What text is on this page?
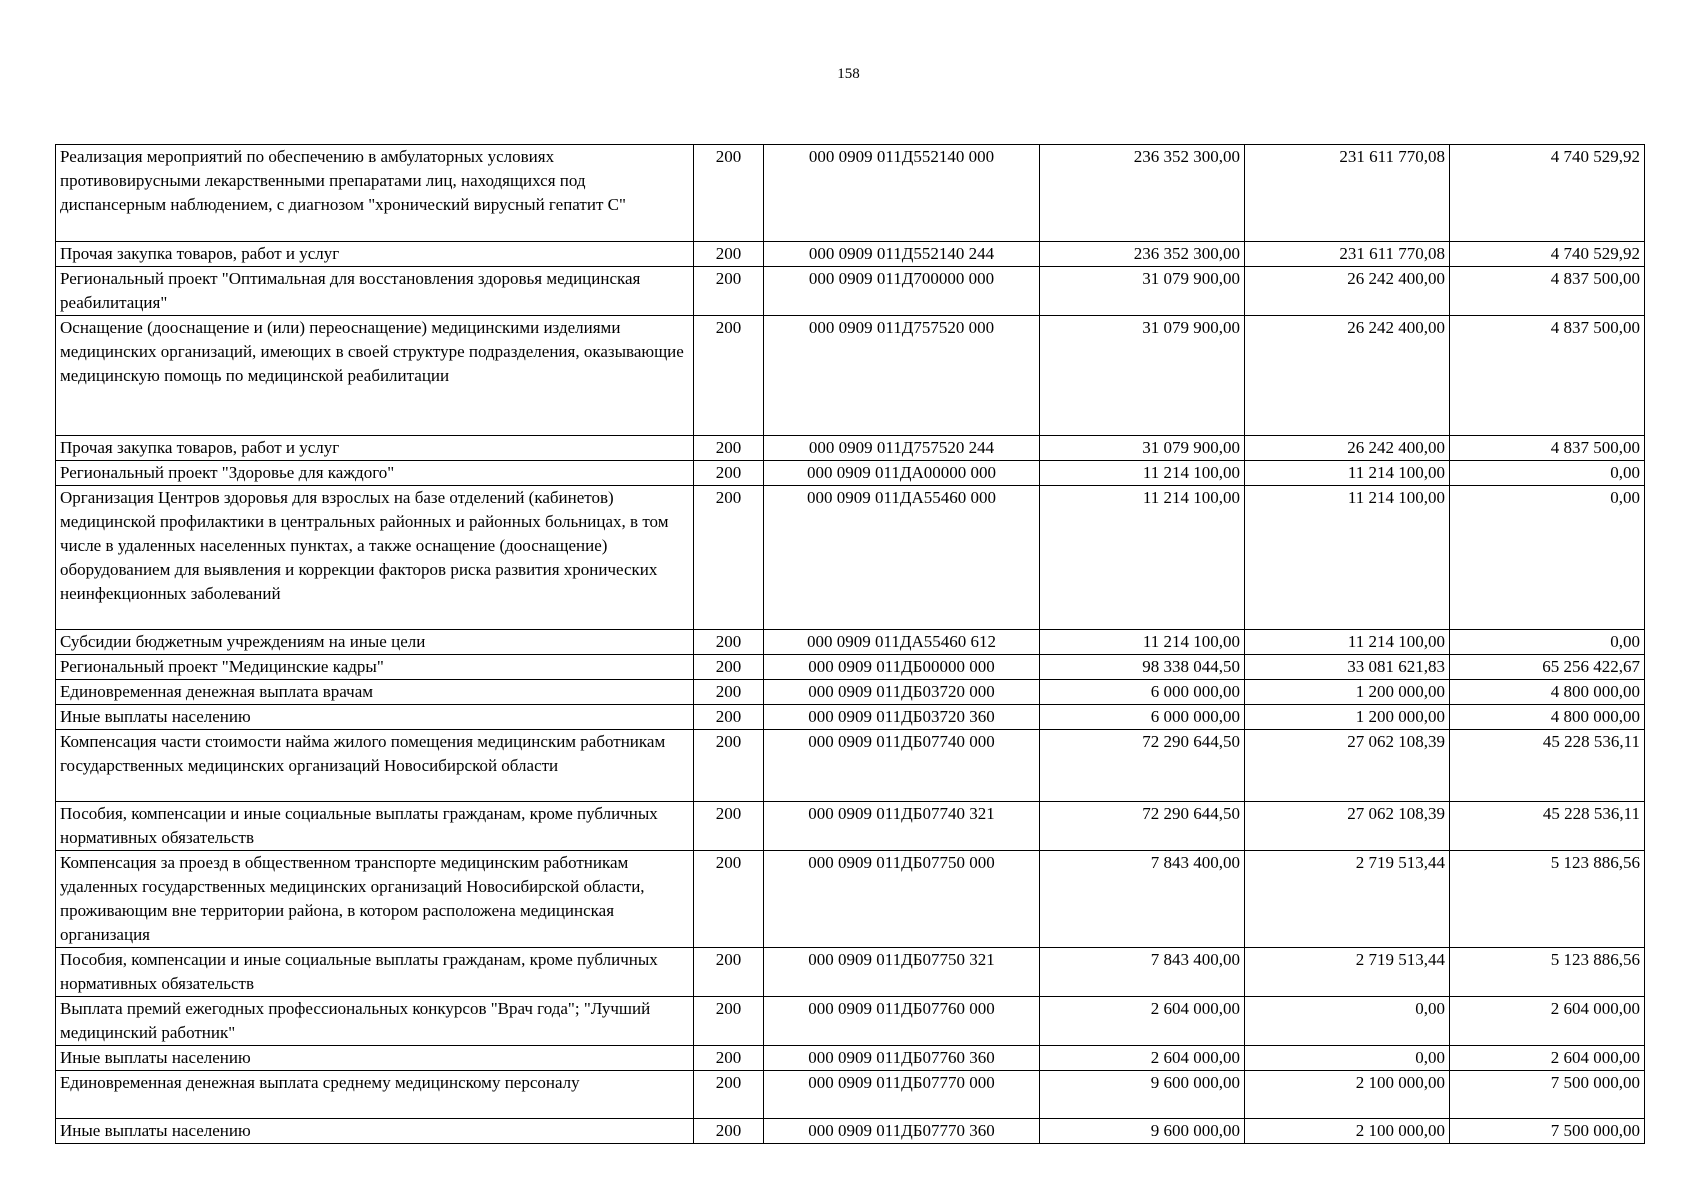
158
Реализация мероприятий по обеспечению в амбулаторных условиях противовирусными лекарственными препаратами лиц, находящихся под диспансерным наблюдением, с диагнозом "хронический вирусный гепатит C"	200	000 0909 011Д552140 000	236 352 300,00	231 611 770,08	4 740 529,92
Прочая закупка товаров, работ и услуг	200	000 0909 011Д552140 244	236 352 300,00	231 611 770,08	4 740 529,92
Региональный проект "Оптимальная для восстановления здоровья медицинская реабилитация"	200	000 0909 011Д700000 000	31 079 900,00	26 242 400,00	4 837 500,00
Оснащение (дооснащение и (или) переоснащение) медицинскими изделиями медицинских организаций, имеющих в своей структуре подразделения, оказывающие медицинскую помощь по медицинской реабилитации	200	000 0909 011Д757520 000	31 079 900,00	26 242 400,00	4 837 500,00
Прочая закупка товаров, работ и услуг	200	000 0909 011Д757520 244	31 079 900,00	26 242 400,00	4 837 500,00
Региональный проект "Здоровье для каждого"	200	000 0909 011ДА00000 000	11 214 100,00	11 214 100,00	0,00
Организация Центров здоровья для взрослых на базе отделений (кабинетов) медицинской профилактики в центральных районных и районных больницах, в том числе в удаленных населенных пунктах, а также оснащение (дооснащение) оборудованием для выявления и коррекции факторов риска развития хронических неинфекционных заболеваний	200	000 0909 011ДА55460 000	11 214 100,00	11 214 100,00	0,00
Субсидии бюджетным учреждениям на иные цели	200	000 0909 011ДА55460 612	11 214 100,00	11 214 100,00	0,00
Региональный проект "Медицинские кадры"	200	000 0909 011ДБ00000 000	98 338 044,50	33 081 621,83	65 256 422,67
Единовременная денежная выплата врачам	200	000 0909 011ДБ03720 000	6 000 000,00	1 200 000,00	4 800 000,00
Иные выплаты населению	200	000 0909 011ДБ03720 360	6 000 000,00	1 200 000,00	4 800 000,00
Компенсация части стоимости найма жилого помещения медицинским работникам государственных медицинских организаций Новосибирской области	200	000 0909 011ДБ07740 000	72 290 644,50	27 062 108,39	45 228 536,11
Пособия, компенсации и иные социальные выплаты гражданам, кроме публичных нормативных обязательств	200	000 0909 011ДБ07740 321	72 290 644,50	27 062 108,39	45 228 536,11
Компенсация за проезд в общественном транспорте медицинским работникам удаленных государственных медицинских организаций Новосибирской области, проживающим вне территории района, в котором расположена медицинская организация	200	000 0909 011ДБ07750 000	7 843 400,00	2 719 513,44	5 123 886,56
Пособия, компенсации и иные социальные выплаты гражданам, кроме публичных нормативных обязательств	200	000 0909 011ДБ07750 321	7 843 400,00	2 719 513,44	5 123 886,56
Выплата премий ежегодных профессиональных конкурсов "Врач года"; "Лучший медицинский работник"	200	000 0909 011ДБ07760 000	2 604 000,00	0,00	2 604 000,00
Иные выплаты населению	200	000 0909 011ДБ07760 360	2 604 000,00	0,00	2 604 000,00
Единовременная денежная выплата среднему медицинскому персоналу	200	000 0909 011ДБ07770 000	9 600 000,00	2 100 000,00	7 500 000,00
Иные выплаты населению	200	000 0909 011ДБ07770 360	9 600 000,00	2 100 000,00	7 500 000,00
